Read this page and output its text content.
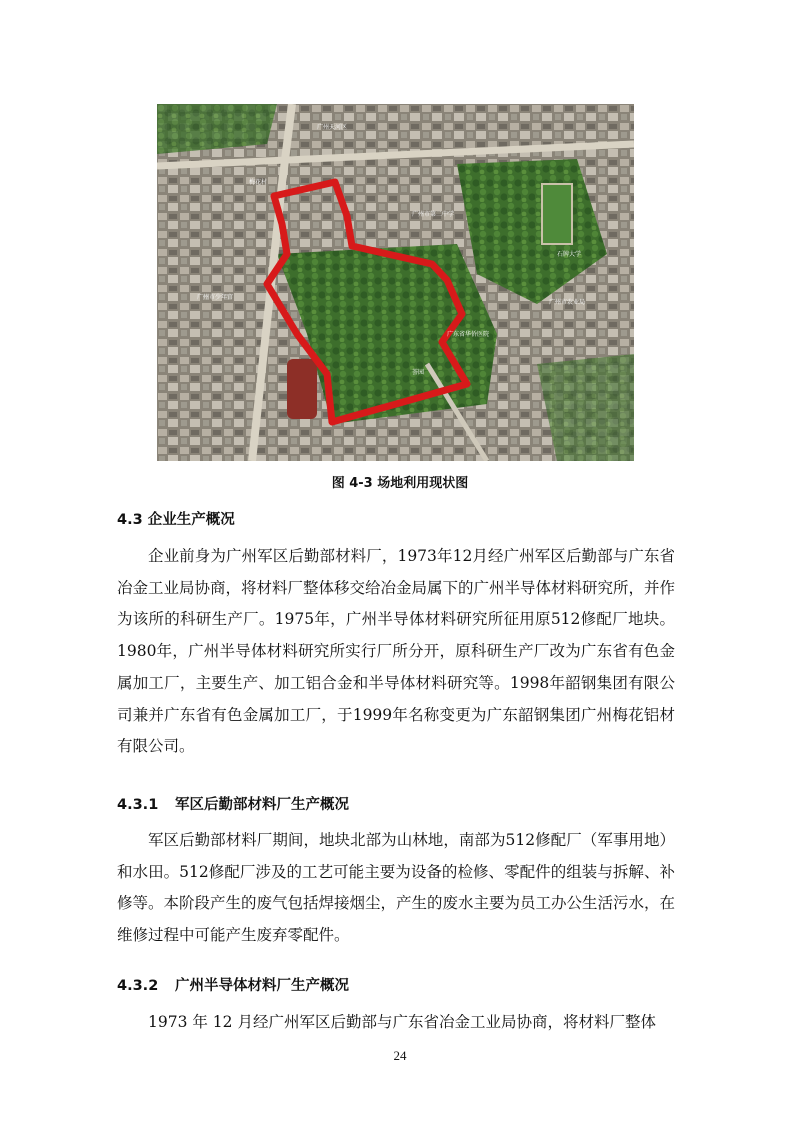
广州市少年宫
梅花村
广州市第二中学
石牌大学
广州市农业局
荟园
广州天河区
广东省华侨医院
图 4-3 场地利用现状图
4.3 企业生产概况

企业前身为广州军区后勤部材料厂，1973年12月经广州军区后勤部与广东省冶金工业局协商，将材料厂整体移交给冶金局属下的广州半导体材料研究所，并作为该所的科研生产厂。1975年，广州半导体材料研究所征用原512修配厂地块。1980年，广州半导体材料研究所实行厂所分开，原科研生产厂改为广东省有色金属加工厂，主要生产、加工铝合金和半导体材料研究等。1998年韶钢集团有限公司兼并广东省有色金属加工厂，于1999年名称变更为广东韶钢集团广州梅花铝材有限公司。

4.3.1 军区后勤部材料厂生产概况

军区后勤部材料厂期间，地块北部为山林地，南部为512修配厂（军事用地）和水田。512修配厂涉及的工艺可能主要为设备的检修、零配件的组装与拆解、补修等。本阶段产生的废气包括焊接烟尘，产生的废水主要为员工办公生活污水，在维修过程中可能产生废弃零配件。

4.3.2 广州半导体材料厂生产概况

1973 年 12 月经广州军区后勤部与广东省冶金工业局协商，将材料厂整体

24
